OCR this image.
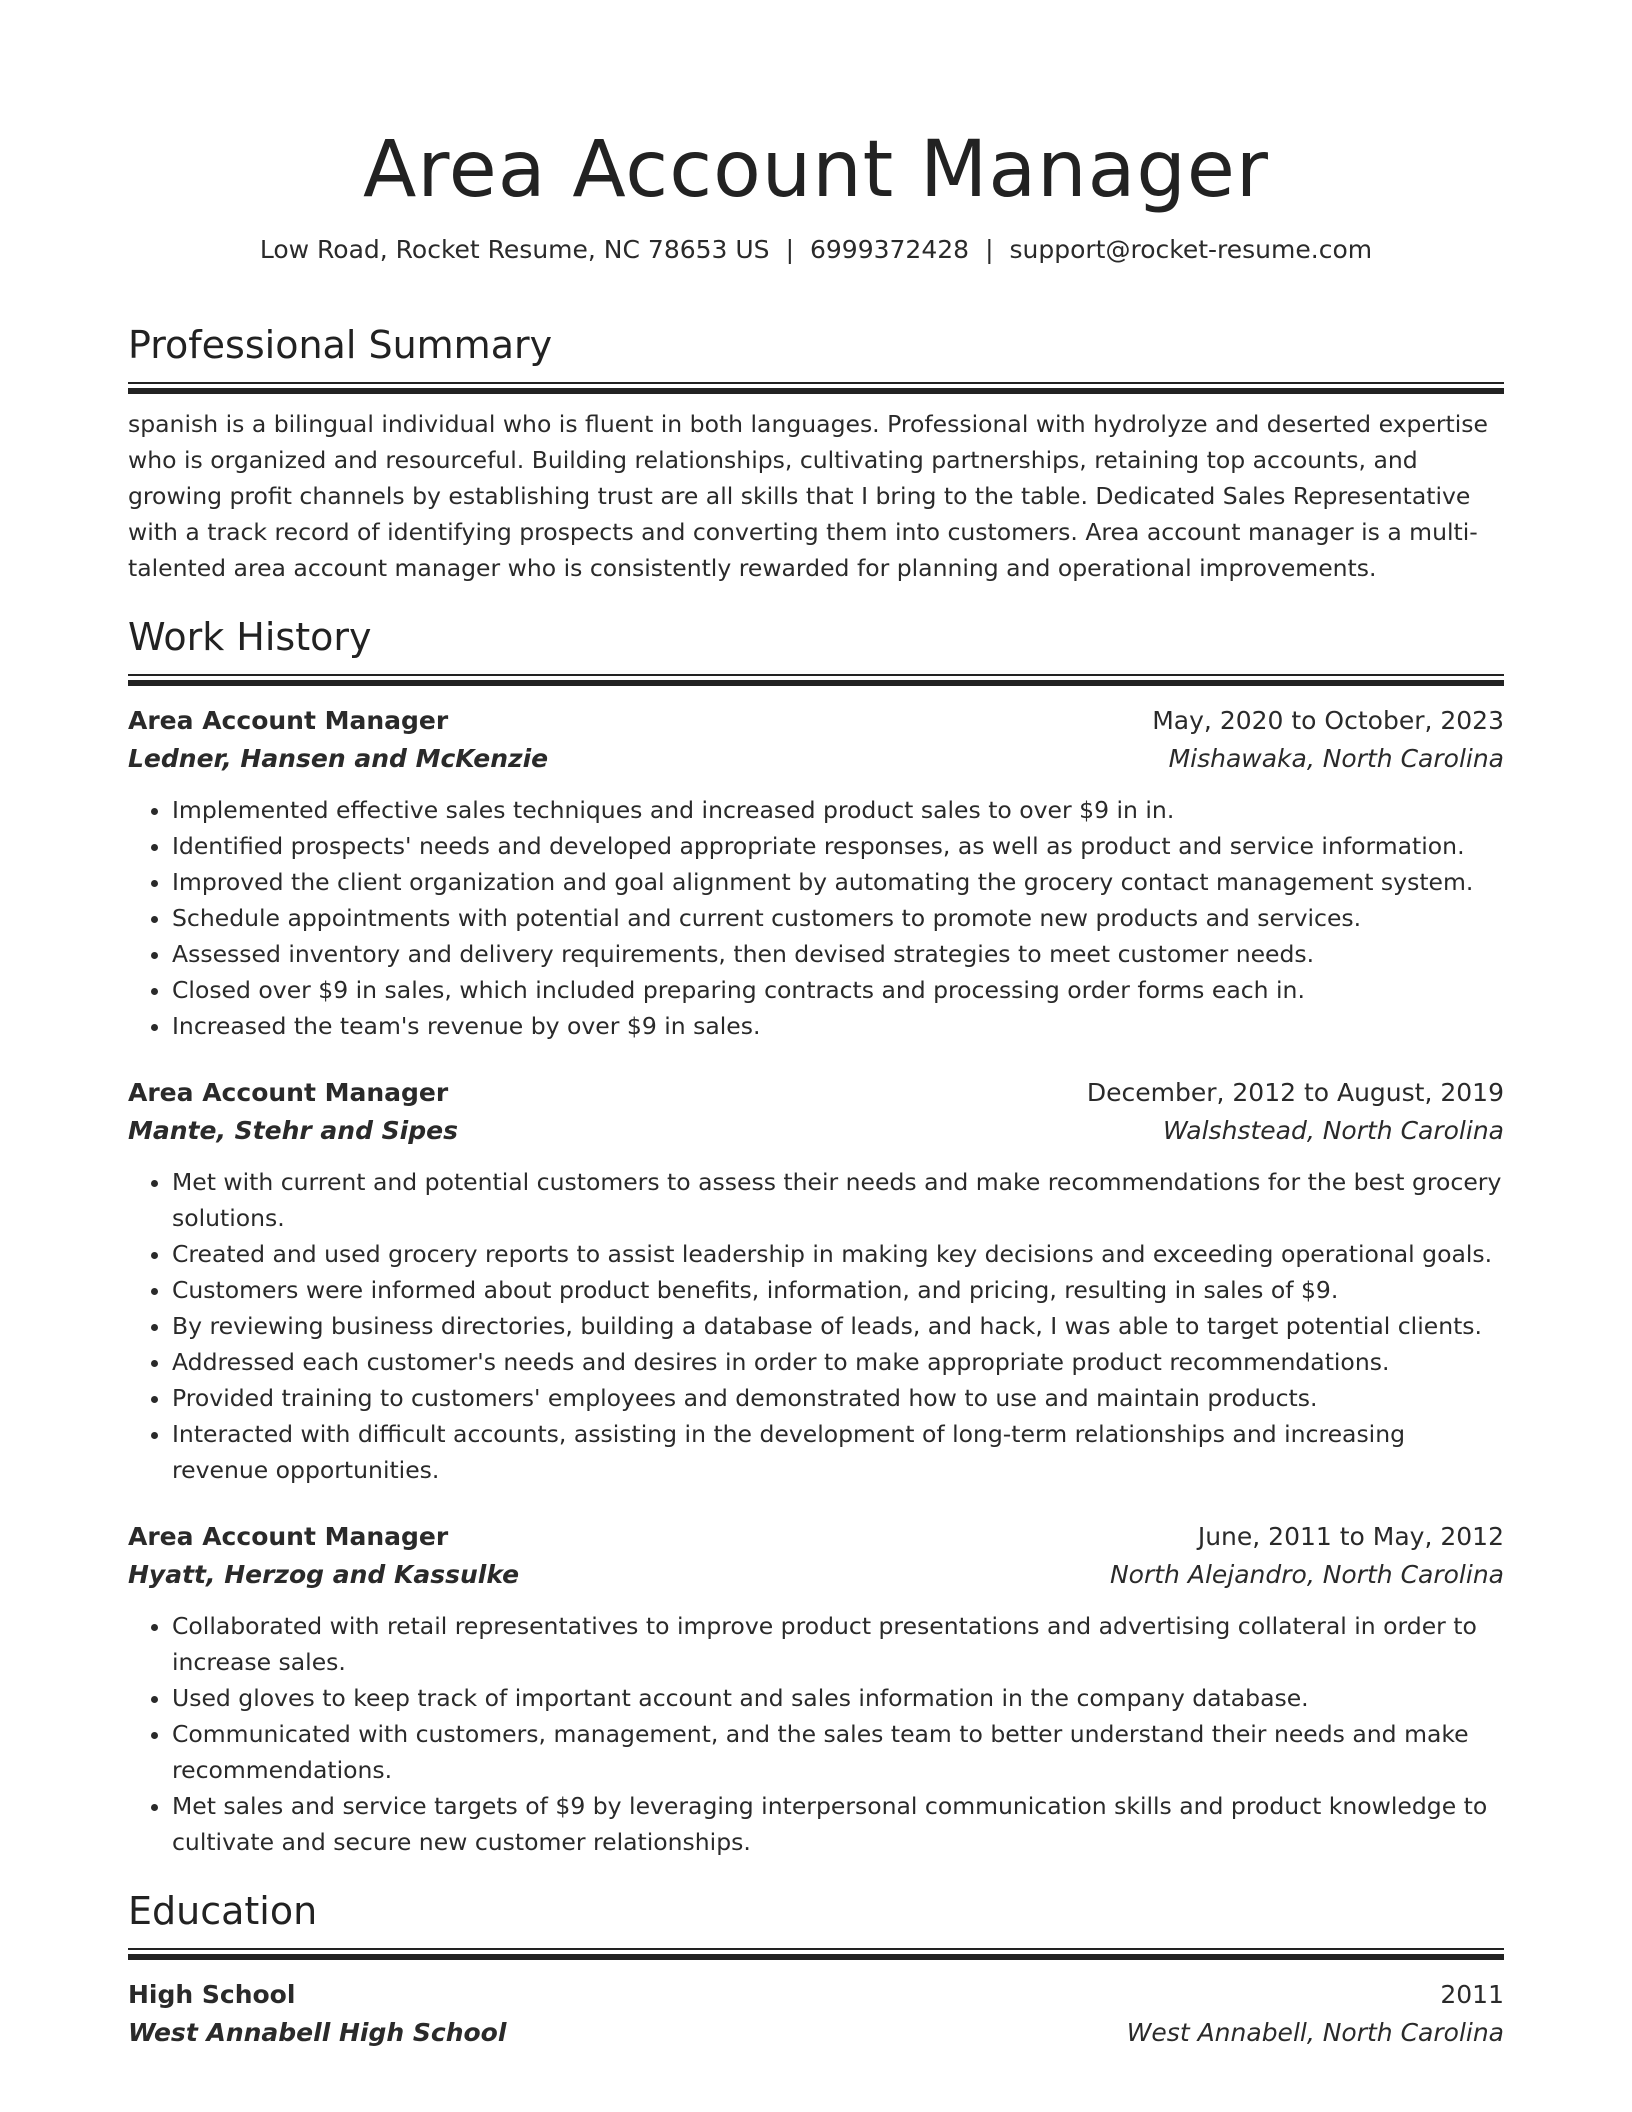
Area Account Manager
Low Road, Rocket Resume, NC 78653 US | 6999372428 | support@rocket-resume.com
Professional Summary
spanish is a bilingual individual who is fluent in both languages. Professional with hydrolyze and deserted expertise who is organized and resourceful. Building relationships, cultivating partnerships, retaining top accounts, and growing profit channels by establishing trust are all skills that I bring to the table. Dedicated Sales Representative with a track record of identifying prospects and converting them into customers. Area account manager is a multi-talented area account manager who is consistently rewarded for planning and operational improvements.
Work History
Area Account Manager	May, 2020 to October, 2023
Ledner, Hansen and McKenzie	Mishawaka, North Carolina
• Implemented effective sales techniques and increased product sales to over $9 in in.
• Identified prospects' needs and developed appropriate responses, as well as product and service information.
• Improved the client organization and goal alignment by automating the grocery contact management system.
• Schedule appointments with potential and current customers to promote new products and services.
• Assessed inventory and delivery requirements, then devised strategies to meet customer needs.
• Closed over $9 in sales, which included preparing contracts and processing order forms each in.
• Increased the team's revenue by over $9 in sales.
Area Account Manager	December, 2012 to August, 2019
Mante, Stehr and Sipes	Walshstead, North Carolina
• Met with current and potential customers to assess their needs and make recommendations for the best grocery solutions.
• Created and used grocery reports to assist leadership in making key decisions and exceeding operational goals.
• Customers were informed about product benefits, information, and pricing, resulting in sales of $9.
• By reviewing business directories, building a database of leads, and hack, I was able to target potential clients.
• Addressed each customer's needs and desires in order to make appropriate product recommendations.
• Provided training to customers' employees and demonstrated how to use and maintain products.
• Interacted with difficult accounts, assisting in the development of long-term relationships and increasing revenue opportunities.
Area Account Manager	June, 2011 to May, 2012
Hyatt, Herzog and Kassulke	North Alejandro, North Carolina
• Collaborated with retail representatives to improve product presentations and advertising collateral in order to increase sales.
• Used gloves to keep track of important account and sales information in the company database.
• Communicated with customers, management, and the sales team to better understand their needs and make recommendations.
• Met sales and service targets of $9 by leveraging interpersonal communication skills and product knowledge to cultivate and secure new customer relationships.
Education
High School	2011
West Annabell High School	West Annabell, North Carolina
